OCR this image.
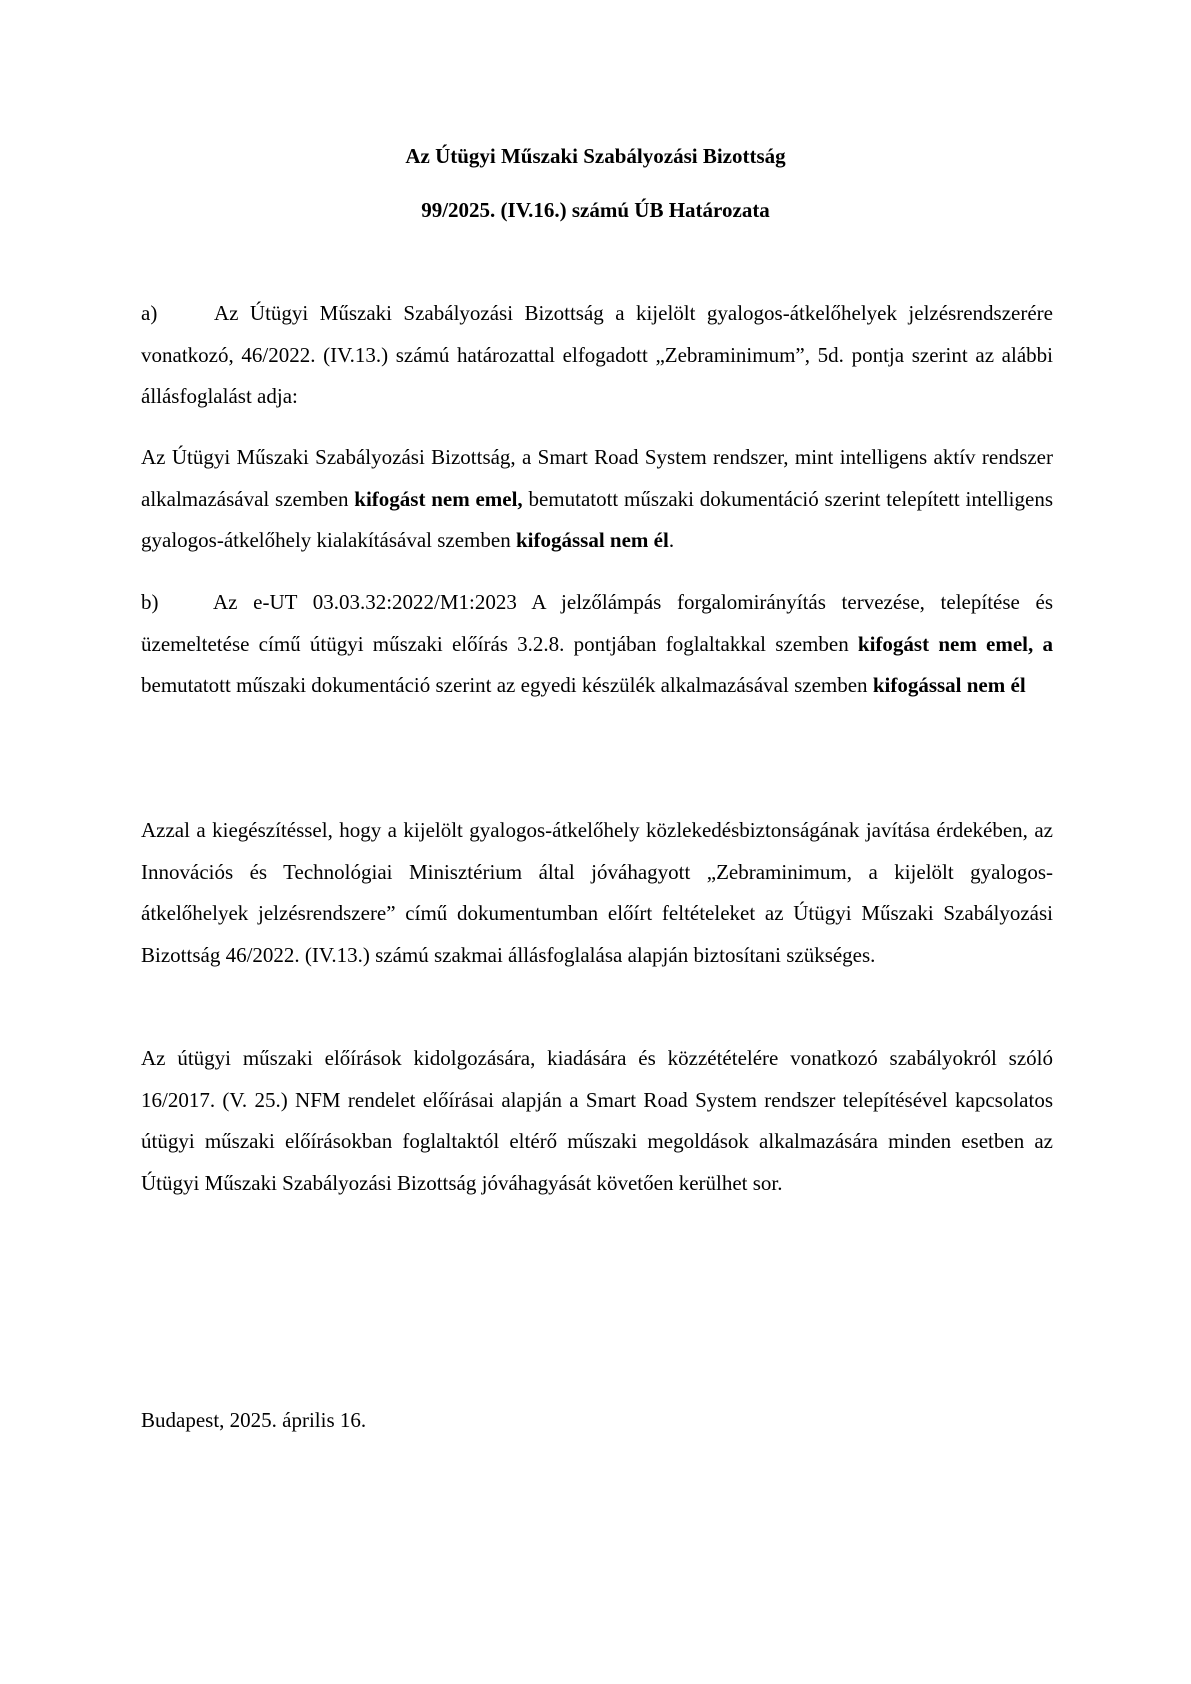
Az Útügyi Műszaki Szabályozási Bizottság
99/2025. (IV.16.) számú ÚB Határozata

a)	Az Útügyi Műszaki Szabályozási Bizottság a kijelölt gyalogos-átkelőhelyek jelzésrendszerére vonatkozó, 46/2022. (IV.13.) számú határozattal elfogadott „Zebraminimum”, 5d. pontja szerint az alábbi állásfoglalást adja:

Az Útügyi Műszaki Szabályozási Bizottság, a Smart Road System rendszer, mint intelligens aktív rendszer alkalmazásával szemben kifogást nem emel, bemutatott műszaki dokumentáció szerint telepített intelligens gyalogos-átkelőhely kialakításával szemben kifogással nem él.

b)	Az e-UT 03.03.32:2022/M1:2023 A jelzőlámpás forgalomirányítás tervezése, telepítése és üzemeltetése című útügyi műszaki előírás 3.2.8. pontjában foglaltakkal szemben kifogást nem emel, a bemutatott műszaki dokumentáció szerint az egyedi készülék alkalmazásával szemben kifogással nem él

Azzal a kiegészítéssel, hogy a kijelölt gyalogos-átkelőhely közlekedésbiztonságának javítása érdekében, az Innovációs és Technológiai Minisztérium által jóváhagyott „Zebraminimum, a kijelölt gyalogos-átkelőhelyek jelzésrendszere” című dokumentumban előírt feltételeket az Útügyi Műszaki Szabályozási Bizottság 46/2022. (IV.13.) számú szakmai állásfoglalása alapján biztosítani szükséges.

Az útügyi műszaki előírások kidolgozására, kiadására és közzétételére vonatkozó szabályokról szóló 16/2017. (V. 25.) NFM rendelet előírásai alapján a Smart Road System rendszer telepítésével kapcsolatos útügyi műszaki előírásokban foglaltaktól eltérő műszaki megoldások alkalmazására minden esetben az Útügyi Műszaki Szabályozási Bizottság jóváhagyását követően kerülhet sor.

Budapest, 2025. április 16.
